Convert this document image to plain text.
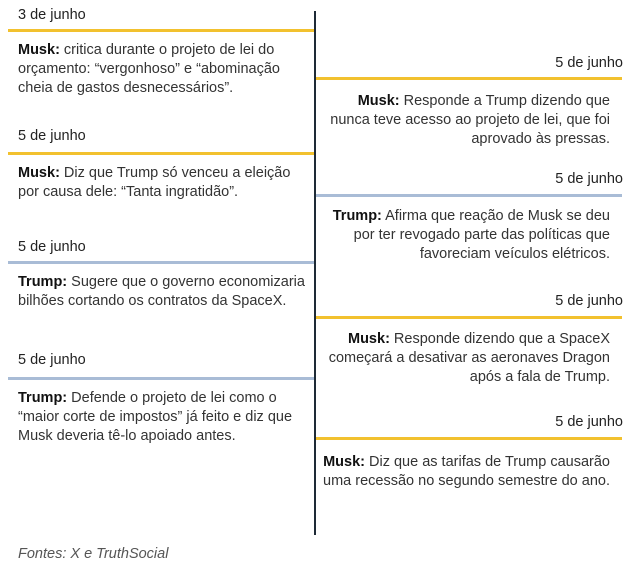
3 de junho
Musk: critica durante o projeto de lei do orçamento: “vergonhoso” e “abominação cheia de gastos desnecessários”.
5 de junho
Musk: Diz que Trump só venceu a eleição por causa dele: “Tanta ingratidão”.
5 de junho
Trump: Sugere que o governo economizaria bilhões cortando os contratos da SpaceX.
5 de junho
Trump: Defende o projeto de lei como o “maior corte de impostos” já feito e diz que Musk deveria tê-lo apoiado antes.
5 de junho
Musk: Responde a Trump dizendo que nunca teve acesso ao projeto de lei, que foi aprovado às pressas.
5 de junho
Trump: Afirma que reação de Musk se deu por ter revogado parte das políticas que favoreciam veículos elétricos.
5 de junho
Musk: Responde dizendo que a SpaceX começará a desativar as aeronaves Dragon após a fala de Trump.
5 de junho
Musk: Diz que as tarifas de Trump causarão uma recessão no segundo semestre do ano.
Fontes: X e TruthSocial
